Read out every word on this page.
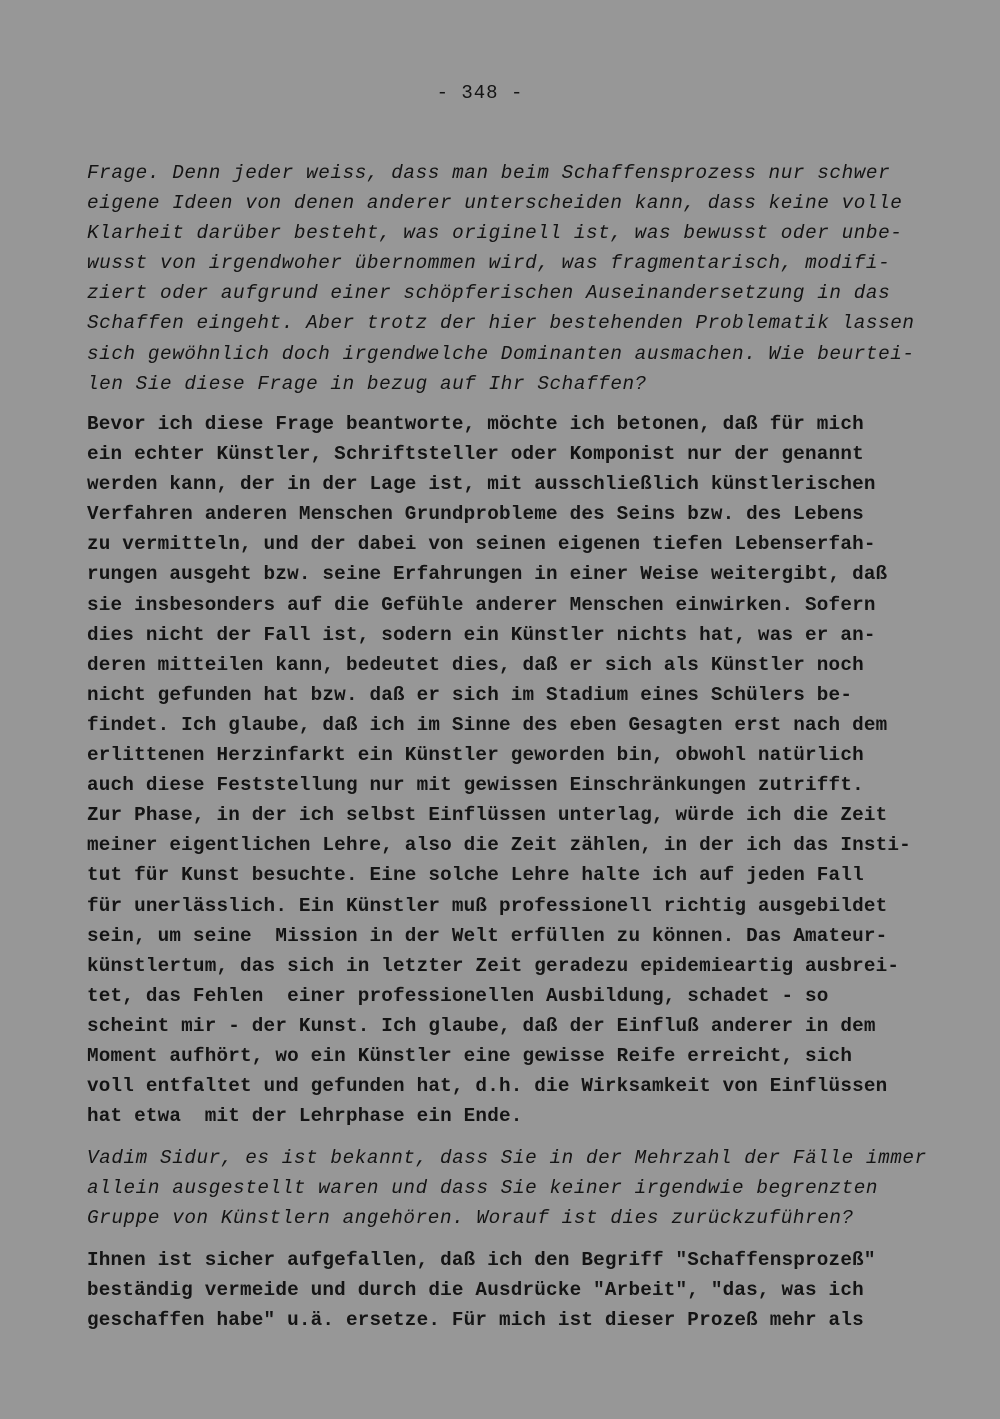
- 348 -
Frage. Denn jeder weiss, dass man beim Schaffensprozess nur schwer
eigene Ideen von denen anderer unterscheiden kann, dass keine volle
Klarheit darüber besteht, was originell ist, was bewusst oder unbe-
wusst von irgendwoher übernommen wird, was fragmentarisch, modifi-
ziert oder aufgrund einer schöpferischen Auseinandersetzung in das
Schaffen eingeht. Aber trotz der hier bestehenden Problematik lassen
sich gewöhnlich doch irgendwelche Dominanten ausmachen. Wie beurtei-
len Sie diese Frage in bezug auf Ihr Schaffen?
Bevor ich diese Frage beantworte, möchte ich betonen, daß für mich
ein echter Künstler, Schriftsteller oder Komponist nur der genannt
werden kann, der in der Lage ist, mit ausschließlich künstlerischen
Verfahren anderen Menschen Grundprobleme des Seins bzw. des Lebens
zu vermitteln, und der dabei von seinen eigenen tiefen Lebenserfah-
rungen ausgeht bzw. seine Erfahrungen in einer Weise weitergibt, daß
sie insbesonders auf die Gefühle anderer Menschen einwirken. Sofern
dies nicht der Fall ist, sodern ein Künstler nichts hat, was er an-
deren mitteilen kann, bedeutet dies, daß er sich als Künstler noch
nicht gefunden hat bzw. daß er sich im Stadium eines Schülers be-
findet. Ich glaube, daß ich im Sinne des eben Gesagten erst nach dem
erlittenen Herzinfarkt ein Künstler geworden bin, obwohl natürlich
auch diese Feststellung nur mit gewissen Einschränkungen zutrifft.
Zur Phase, in der ich selbst Einflüssen unterlag, würde ich die Zeit
meiner eigentlichen Lehre, also die Zeit zählen, in der ich das Insti-
tut für Kunst besuchte. Eine solche Lehre halte ich auf jeden Fall
für unerlässlich. Ein Künstler muß professionell richtig ausgebildet
sein, um seine  Mission in der Welt erfüllen zu können. Das Amateur-
künstlertum, das sich in letzter Zeit geradezu epidemieartig ausbrei-
tet, das Fehlen  einer professionellen Ausbildung, schadet - so
scheint mir - der Kunst. Ich glaube, daß der Einfluß anderer in dem
Moment aufhört, wo ein Künstler eine gewisse Reife erreicht, sich
voll entfaltet und gefunden hat, d.h. die Wirksamkeit von Einflüssen
hat etwa  mit der Lehrphase ein Ende.
Vadim Sidur, es ist bekannt, dass Sie in der Mehrzahl der Fälle immer
allein ausgestellt waren und dass Sie keiner irgendwie begrenzten
Gruppe von Künstlern angehören. Worauf ist dies zurückzuführen?
Ihnen ist sicher aufgefallen, daß ich den Begriff "Schaffensprozeß"
beständig vermeide und durch die Ausdrücke "Arbeit", "das, was ich
geschaffen habe" u.ä. ersetze. Für mich ist dieser Prozeß mehr als
